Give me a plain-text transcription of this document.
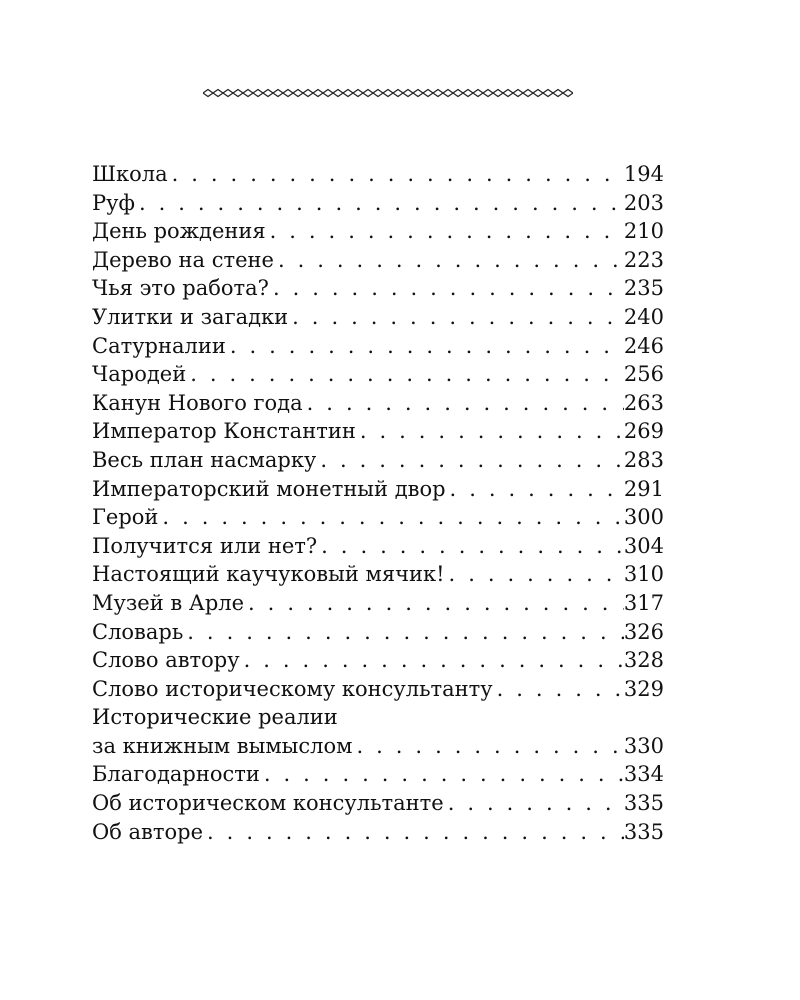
Школа . . .	194
Руф . . .	203
День рождения . . .	210
Дерево на стене . . .	223
Чья это работа? . . .	235
Улитки и загадки . . .	240
Сатурналии . . .	246
Чародей . . .	256
Канун Нового года . . .	263
Император Константин . . .	269
Весь план насмарку . . .	283
Императорский монетный двор . . .	291
Герой . . .	300
Получится или нет? . . .	304
Настоящий каучуковый мячик! . . .	310
Музей в Арле . . .	317
Словарь . . .	326
Слово автору . . .	328
Слово историческому консультанту . . .	329
Исторические реалии
за книжным вымыслом . . .	330
Благодарности . . .	334
Об историческом консультанте . . .	335
Об авторе . . .	335
